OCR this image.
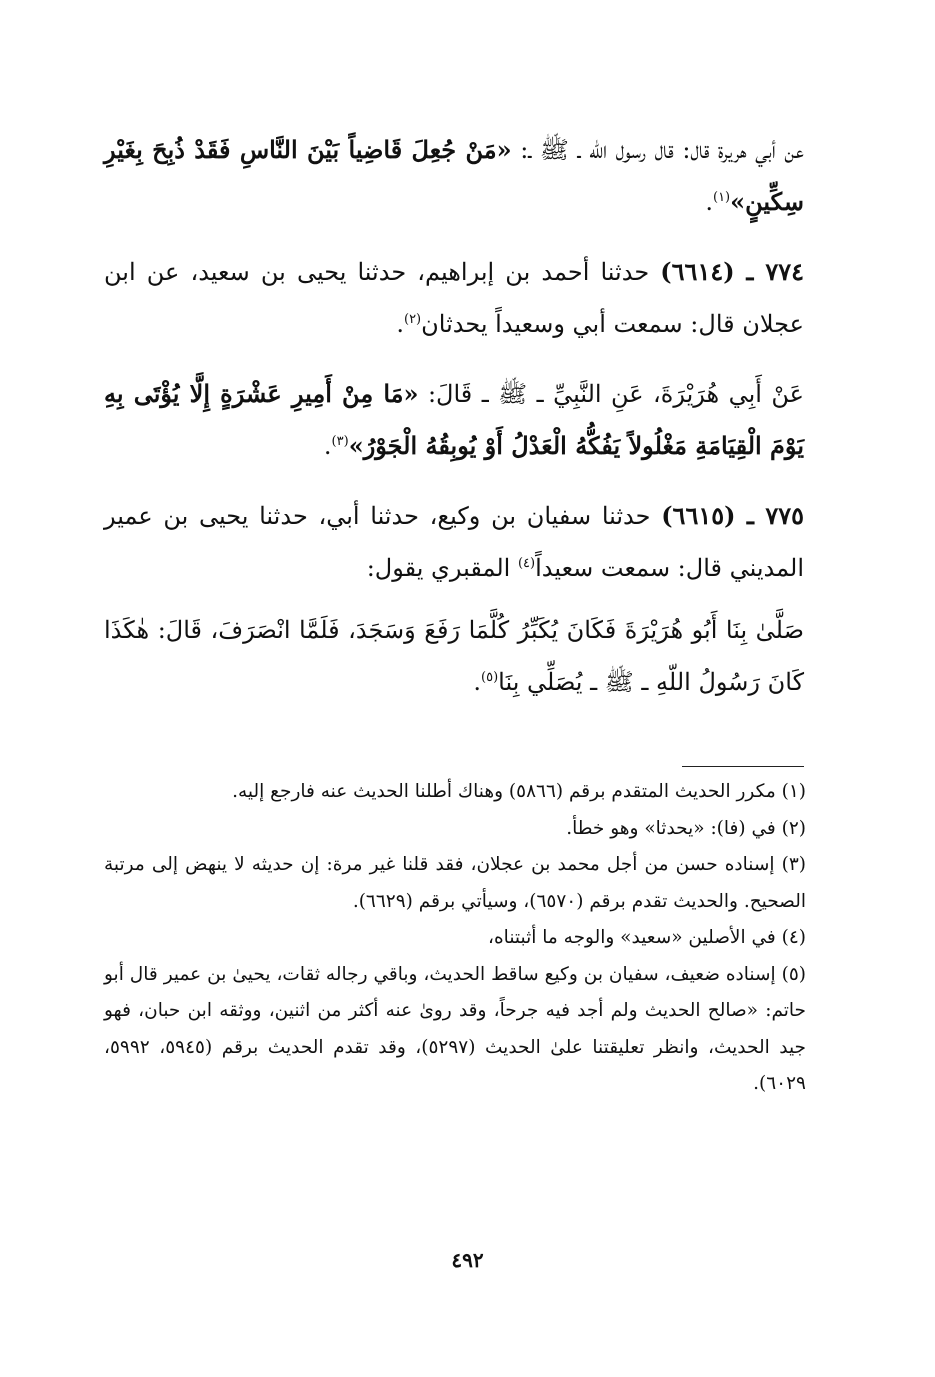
عن أبي هريرة قال: قال رسول اللّه ـ ﷺ ـ: «مَنْ جُعِلَ قَاضِياً بَيْنَ النَّاسِ فَقَدْ ذُبِحَ بِغَيْرِ سِكِّينٍ»$^{(١)}$.

٧٧٤ ـ (٦٦١٤) حدثنا أحمد بن إبراهيم، حدثنا يحيى بن سعيد، عن ابن عجلان قال: سمعت أبي وسعيداً يحدثان$^{(٢)}$.

عَنْ أَبِي هُرَيْرَةَ، عَنِ النَّبِيِّ ـ ﷺ ـ قَالَ: «مَا مِنْ أَمِيرِ عَشْرَةٍ إِلَّا يُؤْتَى بِهِ يَوْمَ الْقِيَامَةِ مَغْلُولاً يَفُكُّهُ الْعَدْلُ أَوْ يُوبِقُهُ الْجَوْرُ»$^{(٣)}$.

٧٧٥ ـ (٦٦١٥) حدثنا سفيان بن وكيع، حدثنا أبي، حدثنا يحيى بن عمير المديني قال: سمعت سعيداً$^{(٤)}$ المقبري يقول:

صَلَّىٰ بِنَا أَبُو هُرَيْرَةَ فَكَانَ يُكَبِّرُ كُلَّمَا رَفَعَ وَسَجَدَ، فَلَمَّا انْصَرَفَ، قَالَ: هٰكَذَا كَانَ رَسُولُ اللّهِ ـ ﷺ ـ يُصَلِّي بِنَا$^{(٥)}$.

(١) مكرر الحديث المتقدم برقم (٥٨٦٦) وهناك أطلنا الحديث عنه فارجع إليه.

(٢) في (فا): «يحدثا» وهو خطأ.

(٣) إسناده حسن من أجل محمد بن عجلان، فقد قلنا غير مرة: إن حديثه لا ينهض إلى مرتبة الصحيح. والحديث تقدم برقم (٦٥٧٠)، وسيأتي برقم (٦٦٢٩).

(٤) في الأصلين «سعيد» والوجه ما أثبتناه،

(٥) إسناده ضعيف، سفيان بن وكيع ساقط الحديث، وباقي رجاله ثقات، يحيىٰ بن عمير قال أبو حاتم: «صالح الحديث ولم أجد فيه جرحاً، وقد روىٰ عنه أكثر من اثنين، ووثقه ابن حبان، فهو جيد الحديث، وانظر تعليقتنا علىٰ الحديث (٥٢٩٧)، وقد تقدم الحديث برقم (٥٩٤٥، ٥٩٩٢، ٦٠٢٩).

٤٩٢
